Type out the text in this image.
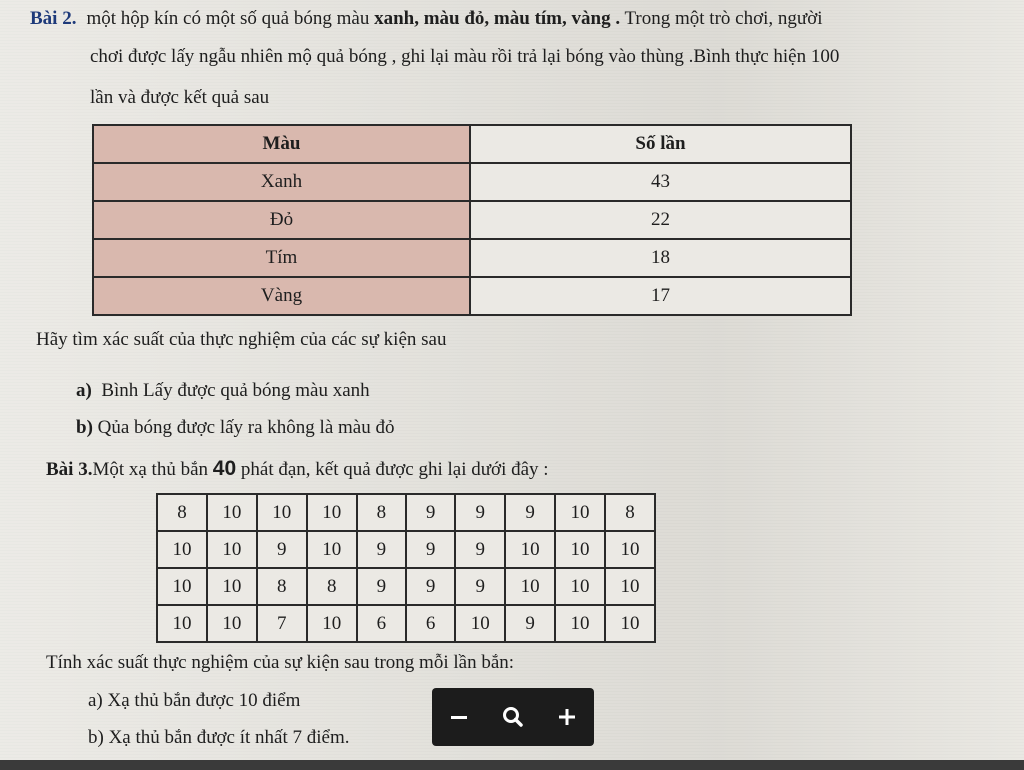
Bài 2. một hộp kín có một số quả bóng màu xanh, màu đỏ, màu tím, vàng . Trong một trò chơi, người
chơi được lấy ngẫu nhiên mộ quả bóng , ghi lại màu rồi trả lại bóng vào thùng .Bình thực hiện 100
lần và được kết quả sau
Màu	Số lần
Xanh	43
Đỏ	22
Tím	18
Vàng	17
Hãy tìm xác suất của thực nghiệm của các sự kiện sau
a) Bình Lấy được quả bóng màu xanh
b) Qủa bóng được lấy ra không là màu đỏ
Bài 3.Một xạ thủ bắn 40 phát đạn, kết quả được ghi lại dưới đây :
8	10	10	10	8	9	9	9	10	8
10	10	9	10	9	9	9	10	10	10
10	10	8	8	9	9	9	10	10	10
10	10	7	10	6	6	10	9	10	10
Tính xác suất thực nghiệm của sự kiện sau trong mỗi lần bắn:
a) Xạ thủ bắn được 10 điểm
b) Xạ thủ bắn được ít nhất 7 điểm.
